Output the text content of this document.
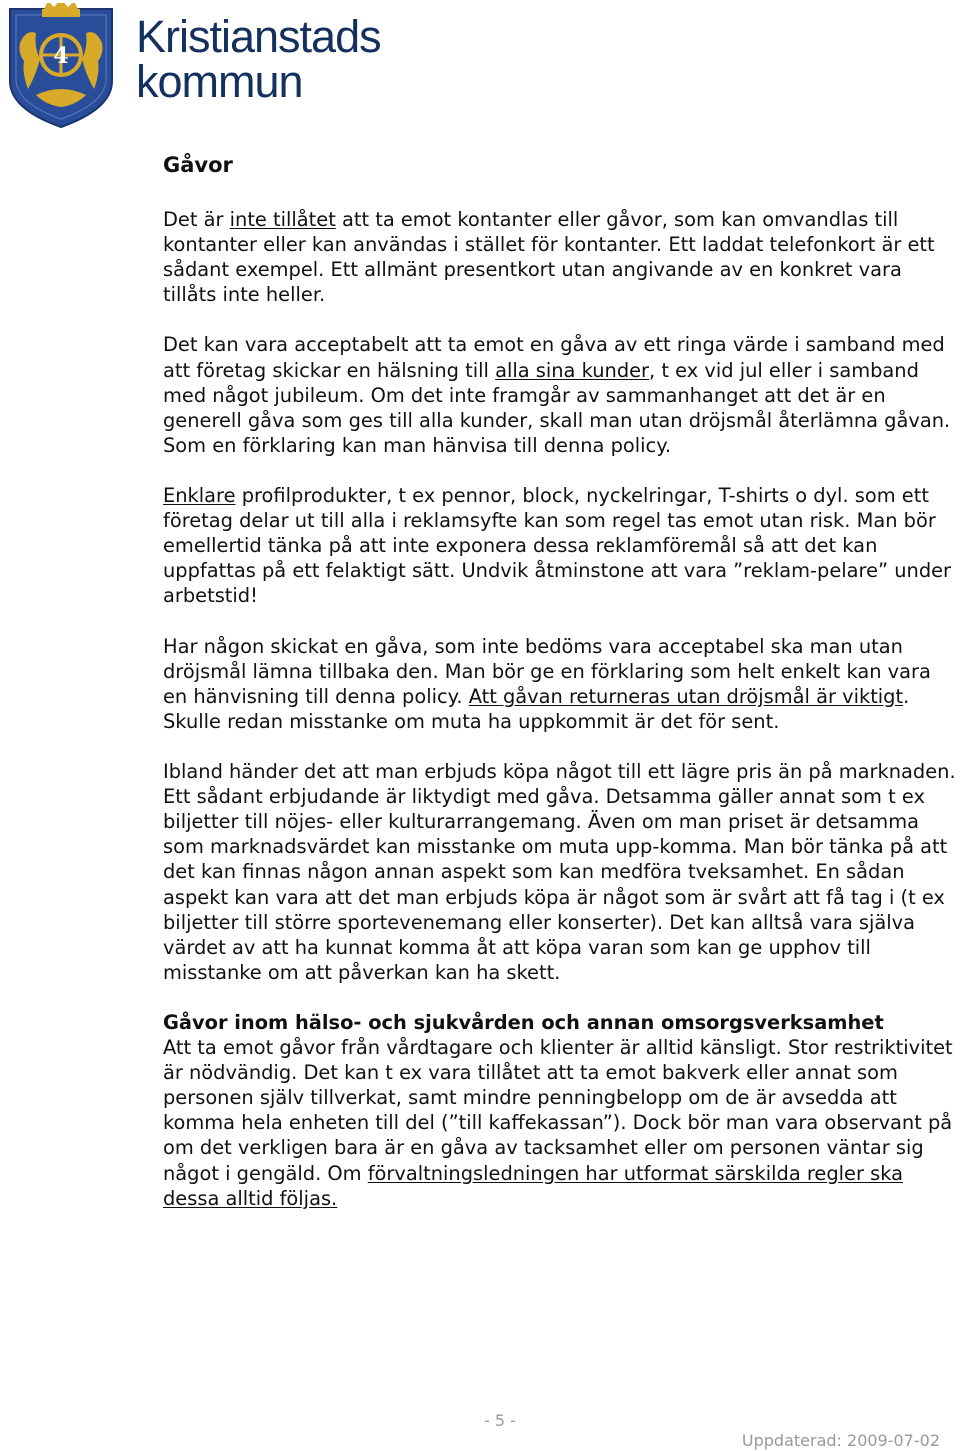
4 Kristianstads
kommun
Gåvor

Det är inte tillåtet att ta emot kontanter eller gåvor, som kan omvandlas till kontanter eller kan användas i stället för kontanter. Ett laddat telefonkort är ett sådant exempel. Ett allmänt presentkort utan angivande av en konkret vara tillåts inte heller.

Det kan vara acceptabelt att ta emot en gåva av ett ringa värde i samband med att företag skickar en hälsning till alla sina kunder, t ex vid jul eller i samband med något jubileum. Om det inte framgår av sammanhanget att det är en generell gåva som ges till alla kunder, skall man utan dröjsmål återlämna gåvan. Som en förklaring kan man hänvisa till denna policy.

Enklare profilprodukter, t ex pennor, block, nyckelringar, T-shirts o dyl. som ett företag delar ut till alla i reklamsyfte kan som regel tas emot utan risk. Man bör emellertid tänka på att inte exponera dessa reklamföremål så att det kan uppfattas på ett felaktigt sätt. Undvik åtminstone att vara ”reklam-pelare” under arbetstid!

Har någon skickat en gåva, som inte bedöms vara acceptabel ska man utan dröjsmål lämna tillbaka den. Man bör ge en förklaring som helt enkelt kan vara en hänvisning till denna policy. Att gåvan returneras utan dröjsmål är viktigt. Skulle redan misstanke om muta ha uppkommit är det för sent.

Ibland händer det att man erbjuds köpa något till ett lägre pris än på marknaden. Ett sådant erbjudande är liktydigt med gåva. Detsamma gäller annat som t ex biljetter till nöjes- eller kulturarrangemang. Även om man priset är detsamma som marknadsvärdet kan misstanke om muta upp-komma. Man bör tänka på att det kan finnas någon annan aspekt som kan medföra tveksamhet. En sådan aspekt kan vara att det man erbjuds köpa är något som är svårt att få tag i (t ex biljetter till större sportevenemang eller konserter). Det kan alltså vara själva värdet av att ha kunnat komma åt att köpa varan som kan ge upphov till misstanke om att påverkan kan ha skett.

Gåvor inom hälso- och sjukvården och annan omsorgsverksamhet
Att ta emot gåvor från vårdtagare och klienter är alltid känsligt. Stor restriktivitet är nödvändig. Det kan t ex vara tillåtet att ta emot bakverk eller annat som personen själv tillverkat, samt mindre penningbelopp om de är avsedda att komma hela enheten till del (”till kaffekassan”). Dock bör man vara observant på om det verkligen bara är en gåva av tacksamhet eller om personen väntar sig något i gengäld. Om förvaltningsledningen har utformat särskilda regler ska dessa alltid följas.

- 5 -
Uppdaterad: 2009-07-02
